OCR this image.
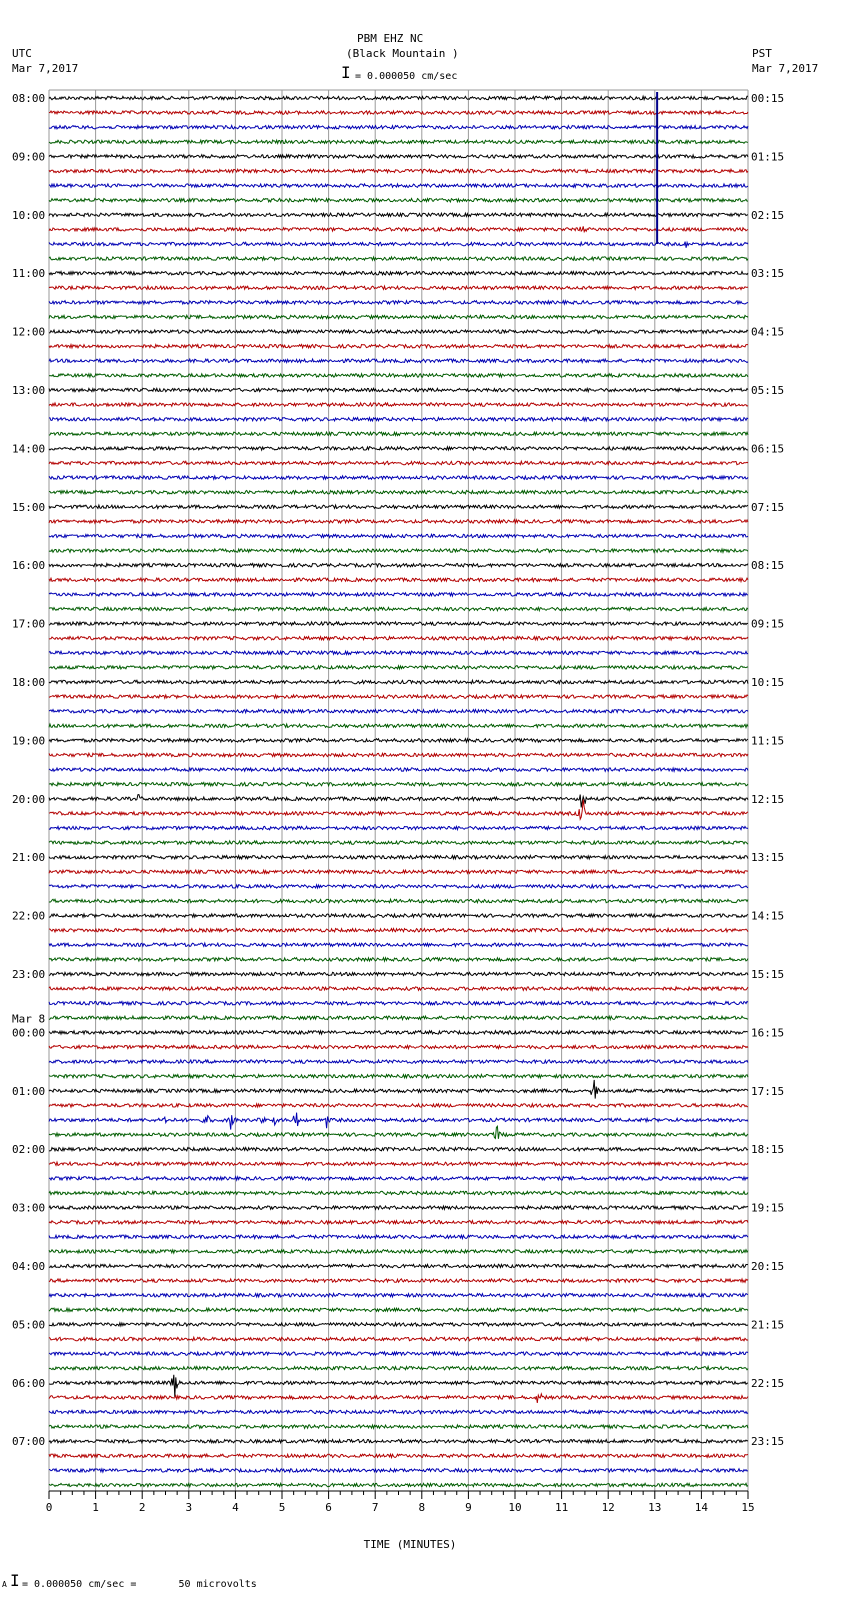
PBM EHZ NC
(Black Mountain )
UTC
Mar 7,2017
PST
Mar 7,2017
I = 0.000050 cm/sec
A I = 0.000050 cm/sec =       50 microvolts
08:00
09:00
10:00
11:00
12:00
13:00
14:00
15:00
16:00
17:00
18:00
19:00
20:00
21:00
22:00
23:00
Mar 8
00:00
01:00
02:00
03:00
04:00
05:00
06:00
07:00
00:15
01:15
02:15
03:15
04:15
05:15
06:15
07:15
08:15
09:15
10:15
11:15
12:15
13:15
14:15
15:15
16:15
17:15
18:15
19:15
20:15
21:15
22:15
23:15
TIME (MINUTES)
0	1	2	3	4	5	6	7	8	9	10	11	12	13	14	15
